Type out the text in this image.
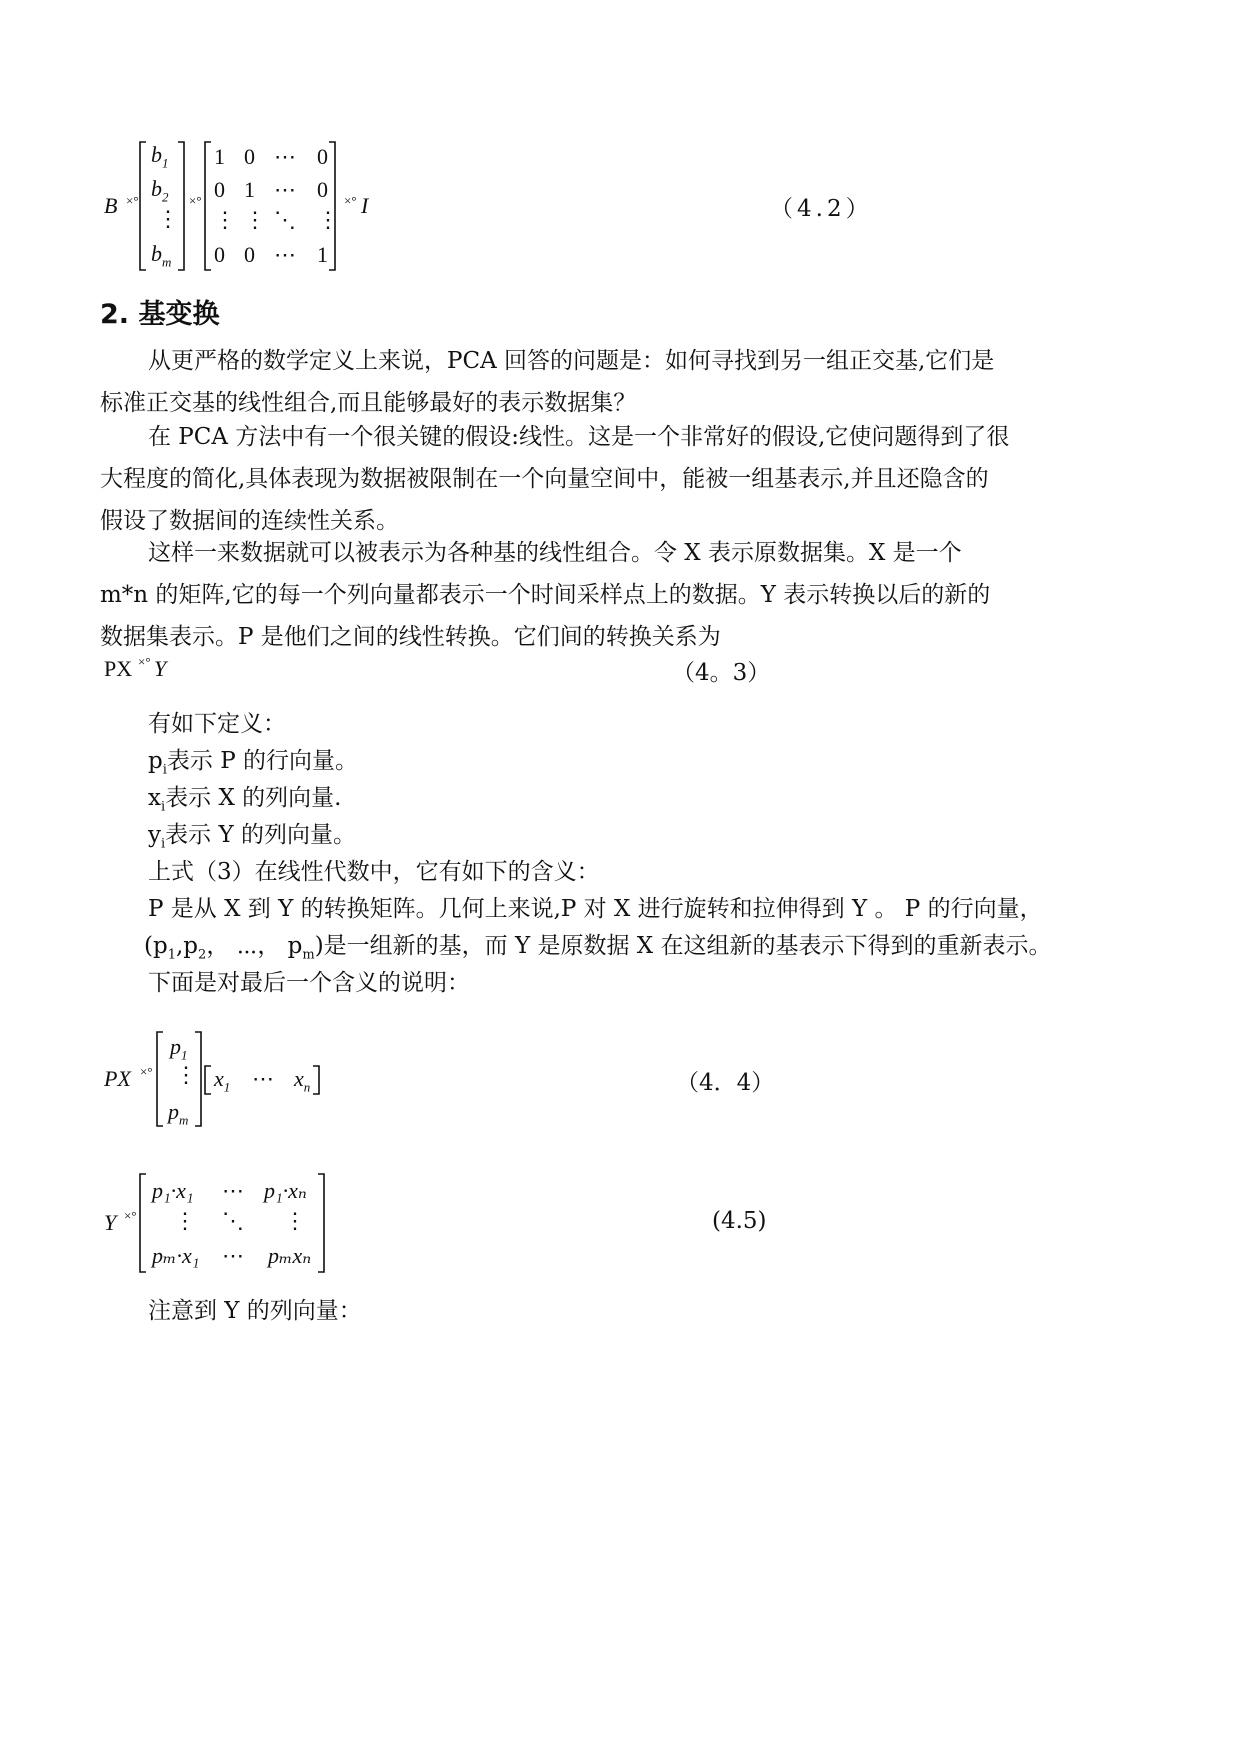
B ×°
$b_1$
$b_2$
⋮
$b_m$
×°
1 0 ⋯ 0
0 1 ⋯ 0
⋮ ⋮ ⋱ ⋮
0 0 ⋯ 1
×° I	（4.2）
2. 基变换
从更严格的数学定义上来说，PCA 回答的问题是：如何寻找到另一组正交基,它们是标准正交基的线性组合,而且能够最好的表示数据集？
在 PCA 方法中有一个很关键的假设:线性。这是一个非常好的假设,它使问题得到了很大程度的简化,具体表现为数据被限制在一个向量空间中，能被一组基表示,并且还隐含的假设了数据间的连续性关系。
这样一来数据就可以被表示为各种基的线性组合。令 X 表示原数据集。X 是一个 m*n 的矩阵,它的每一个列向量都表示一个时间采样点上的数据。Y 表示转换以后的新的数据集表示。P 是他们之间的线性转换。它们间的转换关系为
PX ×° Y	（4。3）
有如下定义：
$p_i$表示 P 的行向量。
$x_i$表示 X 的列向量.
$y_i$表示 Y 的列向量。
上式（3）在线性代数中，它有如下的含义：
P 是从 X 到 Y 的转换矩阵。几何上来说,P 对 X 进行旋转和拉伸得到 Y 。 P 的行向量，
($p_1,p_2$， ⋯， $p_m$)是一组新的基，而 Y 是原数据 X 在这组新的基表示下得到的重新表示。
下面是对最后一个含义的说明：
PX ×°
$p_1$
⋮
$p_m$
$x_1$ ⋯ $x_n$	（4．4）
Y ×°
p₁·x₁ ⋯ p₁·xₙ
⋮ ⋱ ⋮
pₘ·x₁ ⋯ pₘxₙ
(4.5)
注意到 Y 的列向量：
